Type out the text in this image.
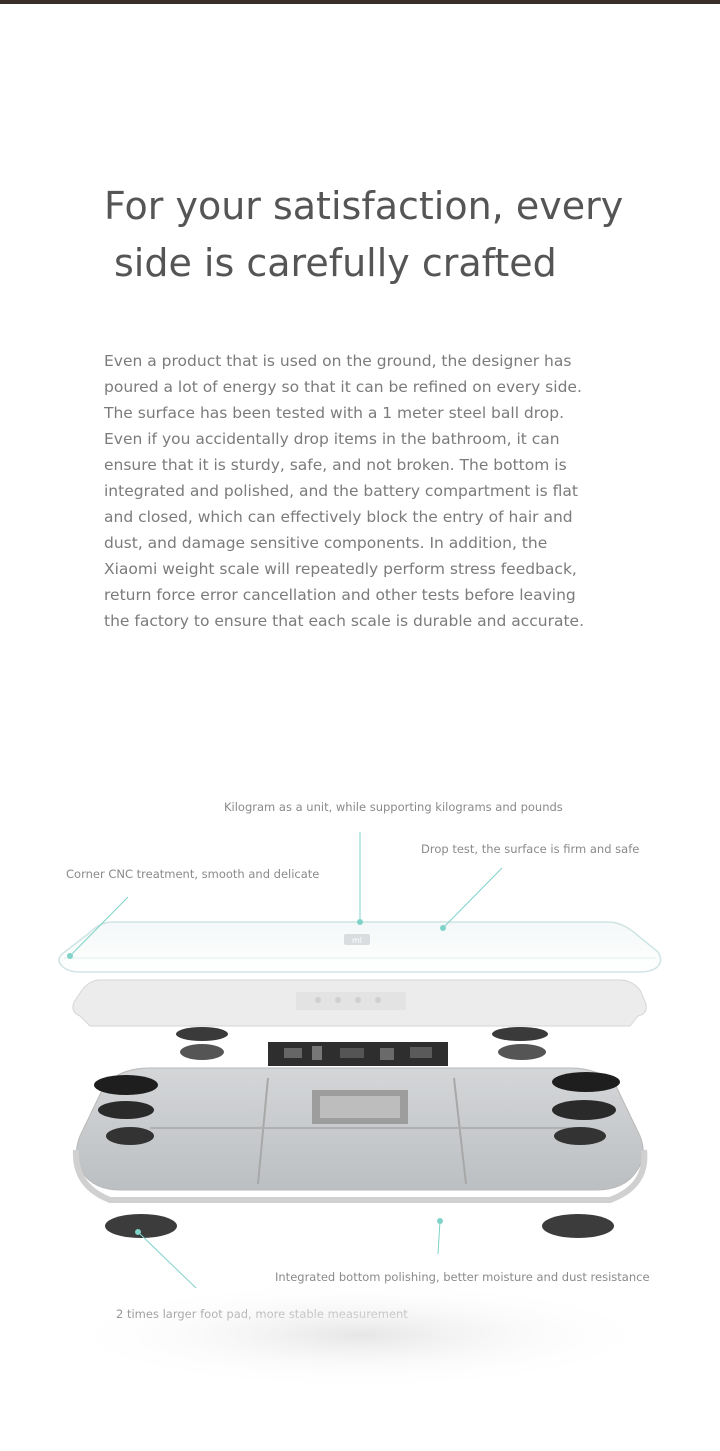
For your satisfaction, every
side is carefully crafted
Even a product that is used on the ground, the designer has
poured a lot of energy so that it can be refined on every side.
The surface has been tested with a 1 meter steel ball drop.
Even if you accidentally drop items in the bathroom, it can
ensure that it is sturdy, safe, and not broken. The bottom is
integrated and polished, and the battery compartment is flat
and closed, which can effectively block the entry of hair and
dust, and damage sensitive components. In addition, the
Xiaomi weight scale will repeatedly perform stress feedback,
return force error cancellation and other tests before leaving
the factory to ensure that each scale is durable and accurate.
Kilogram as a unit, while supporting kilograms and pounds
Drop test, the surface is firm and safe
Corner CNC treatment, smooth and delicate
Integrated bottom polishing, better moisture and dust resistance
mi
